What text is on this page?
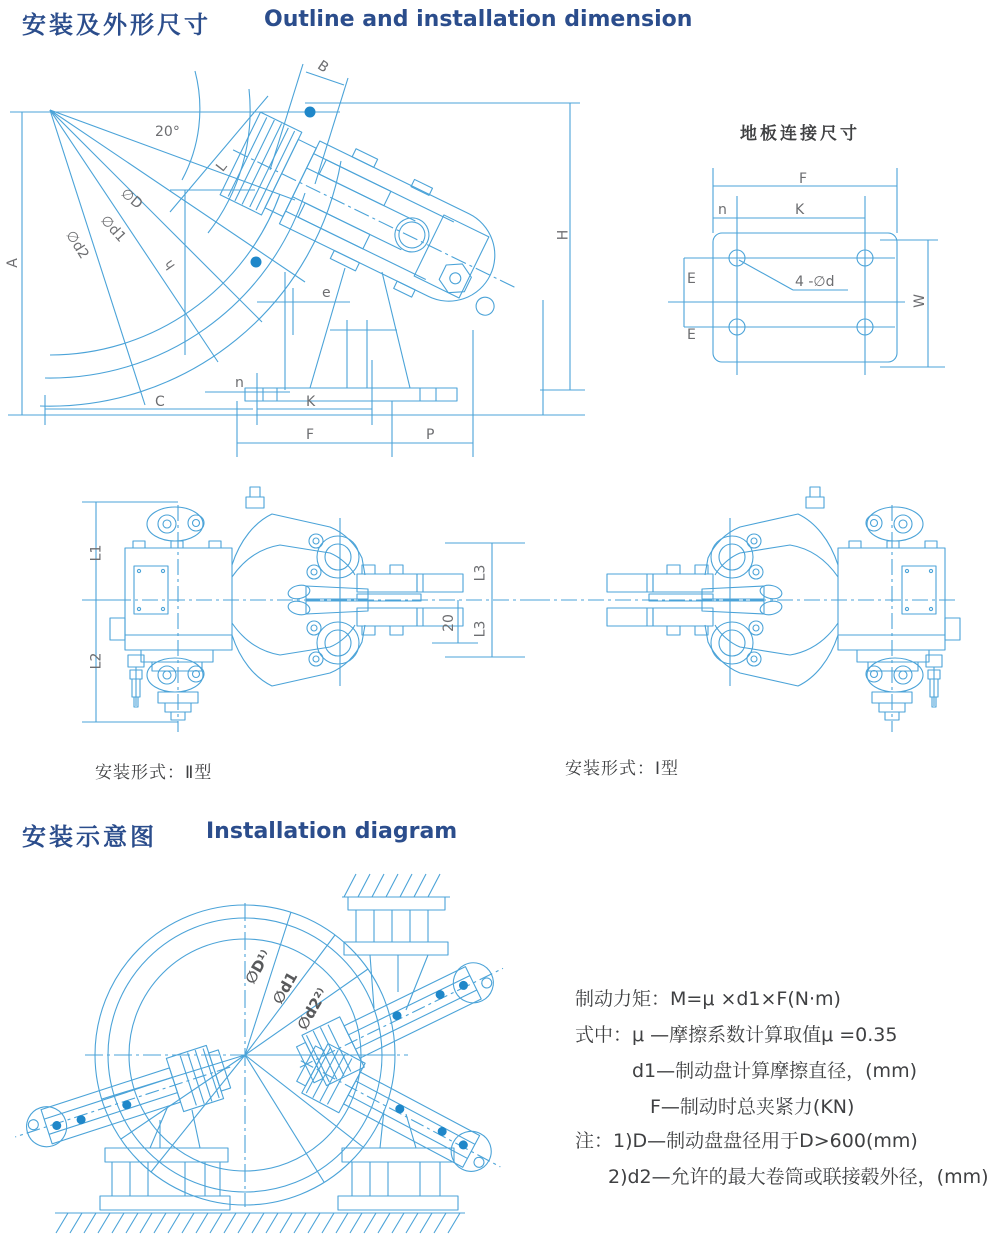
安装及外形尺寸 Outline and installation dimension
20°
L
∅D
∅d1
∅d2
A
H
h
B
e
n
C	K
F	P
地板连接尺寸
F
n	K
E
E
4 -∅d
W
L1
L2
L3
L3
20
安装形式：Ⅱ型	安装形式：Ⅰ型
安装示意图 Installation diagram
∅D¹⁾
∅d1
∅d2²⁾	制动力矩：M=μ ×d1×F(N·m)
式中：μ —摩擦系数计算取值μ =0.35
d1—制动盘计算摩擦直径，(mm)
F—制动时总夹紧力(KN)
注：1)D—制动盘盘径用于D>600(mm)
2)d2—允许的最大卷筒或联接毂外径，(mm)
